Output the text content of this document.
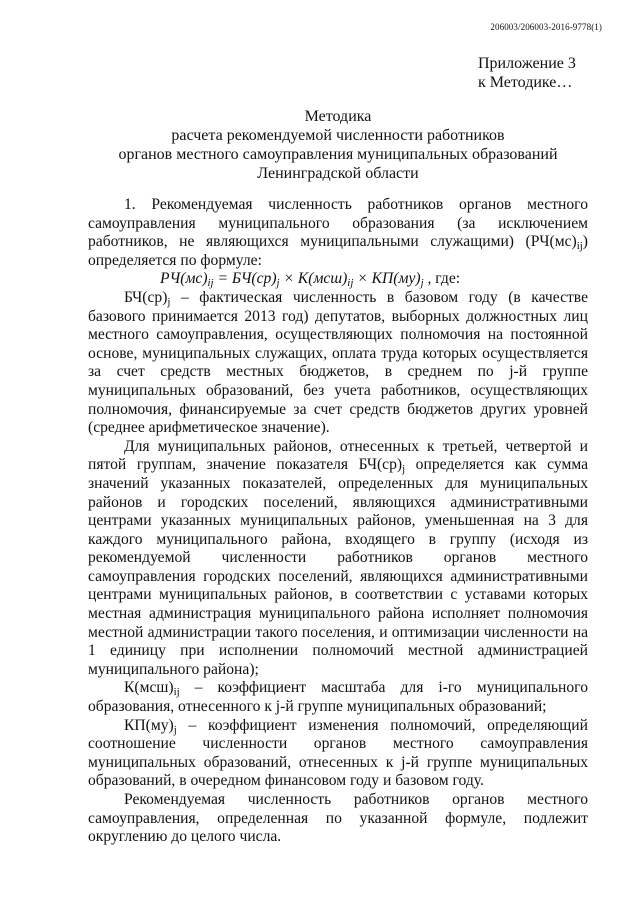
206003/206003-2016-9778(1)
Приложение 3
к Методике…
Методика
расчета рекомендуемой численности работников
органов местного самоуправления муниципальных образований
Ленинградской области

1. Рекомендуемая численность работников органов местного самоуправления муниципального образования (за исключением работников, не являющихся муниципальными служащими) $(РЧ(мс)_{ij})$ определяется по формуле:

$РЧ(мс)_{ij} = БЧ(ср)_j \times К(мсш)_{ij} \times КП(му)_j$ , где:

$БЧ(ср)_j$ – фактическая численность в базовом году (в качестве базового принимается 2013 год) депутатов, выборных должностных лиц местного самоуправления, осуществляющих полномочия на постоянной основе, муниципальных служащих, оплата труда которых осуществляется за счет средств местных бюджетов, в среднем по j-й группе муниципальных образований, без учета работников, осуществляющих полномочия, финансируемые за счет средств бюджетов других уровней (среднее арифметическое значение).

Для муниципальных районов, отнесенных к третьей, четвертой и пятой группам, значение показателя $БЧ(ср)_j$ определяется как сумма значений указанных показателей, определенных для муниципальных районов и городских поселений, являющихся административными центрами указанных муниципальных районов, уменьшенная на 3 для каждого муниципального района, входящего в группу (исходя из рекомендуемой численности работников органов местного самоуправления городских поселений, являющихся административными центрами муниципальных районов, в соответствии с уставами которых местная администрация муниципального района исполняет полномочия местной администрации такого поселения, и оптимизации численности на 1 единицу при исполнении полномочий местной администрацией муниципального района);

$К(мсш)_{ij}$ – коэффициент масштаба для i-го муниципального образования, отнесенного к j-й группе муниципальных образований;

$КП(му)_j$ – коэффициент изменения полномочий, определяющий соотношение численности органов местного самоуправления муниципальных образований, отнесенных к j-й группе муниципальных образований, в очередном финансовом году и базовом году.

Рекомендуемая численность работников органов местного самоуправления, определенная по указанной формуле, подлежит округлению до целого числа.
